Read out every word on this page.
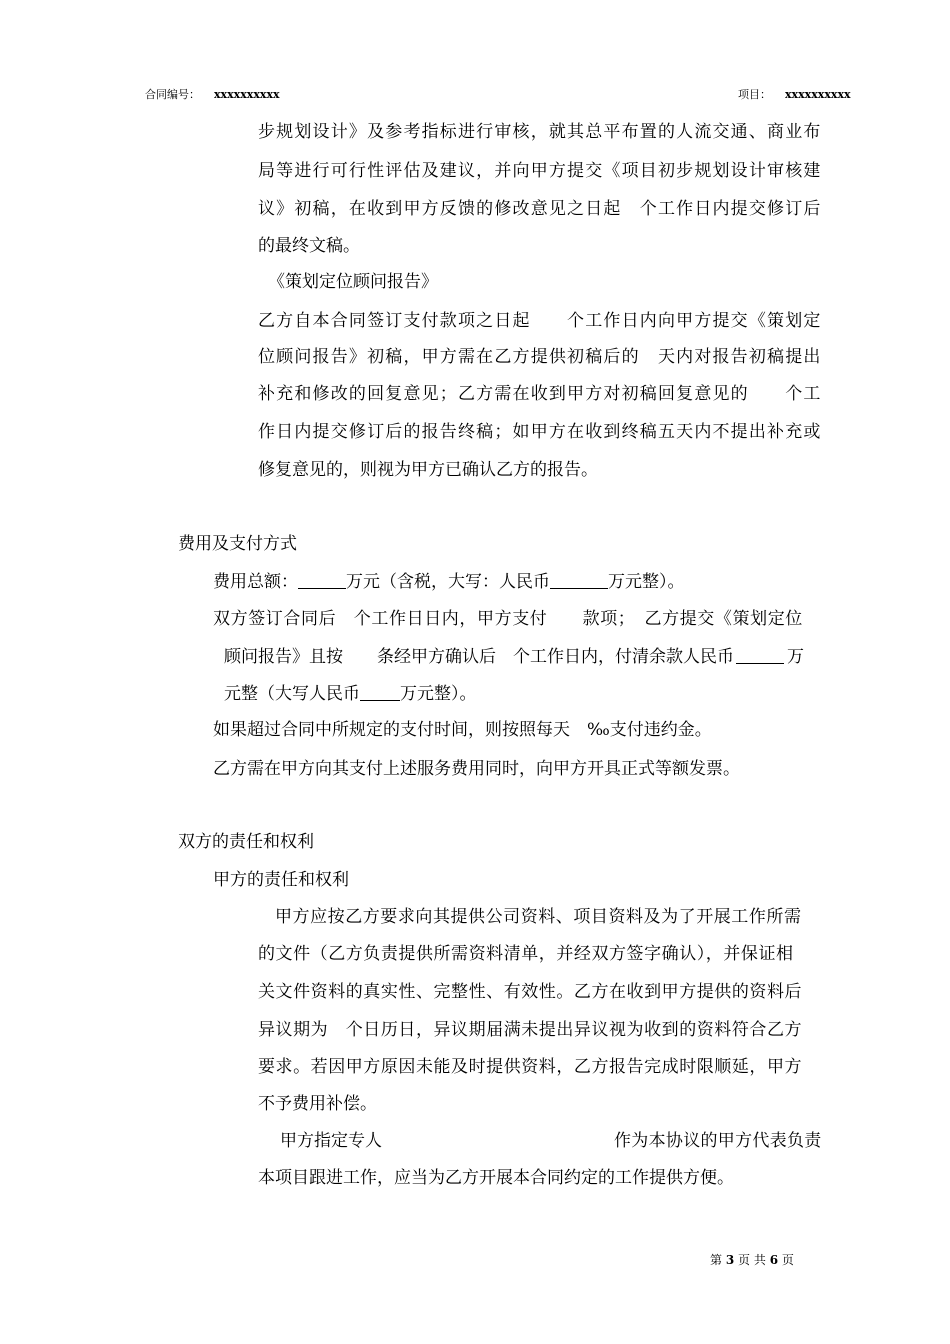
合同编号： xxxxxxxxxx	项目： xxxxxxxxxx
步规划设计》及参考指标进行审核，就其总平布置的人流交通、商业布
局等进行可行性评估及建议，并向甲方提交《项目初步规划设计审核建
议》初稿，在收到甲方反馈的修改意见之日起　个工作日内提交修订后
的最终文稿。
《策划定位顾问报告》
乙方自本合同签订支付款项之日起　　个工作日内向甲方提交《策划定
位顾问报告》初稿，甲方需在乙方提供初稿后的　天内对报告初稿提出
补充和修改的回复意见；乙方需在收到甲方对初稿回复意见的　　个工
作日内提交修订后的报告终稿；如甲方在收到终稿五天内不提出补充或
修复意见的，则视为甲方已确认乙方的报告。
费用及支付方式
费用总额：	万元（含税，大写：人民币	万元整）。
双方签订合同后　个工作日日内，甲方支付　　款项；　乙方提交《策划定位
顾问报告》且按　　条经甲方确认后　个工作日内，付清余款人民币	万
元整（大写人民币 万元整）。
如果超过合同中所规定的支付时间，则按照每天　‰支付违约金。
乙方需在甲方向其支付上述服务费用同时，向甲方开具正式等额发票。
双方的责任和权利
甲方的责任和权利
甲方应按乙方要求向其提供公司资料、项目资料及为了开展工作所需
的文件（乙方负责提供所需资料清单，并经双方签字确认），并保证相
关文件资料的真实性、完整性、有效性。乙方在收到甲方提供的资料后
异议期为　个日历日，异议期届满未提出异议视为收到的资料符合乙方
要求。若因甲方原因未能及时提供资料，乙方报告完成时限顺延，甲方
不予费用补偿。
甲方指定专人	作为本协议的甲方代表负责
本项目跟进工作，应当为乙方开展本合同约定的工作提供方便。
第 3 页 共 6 页
